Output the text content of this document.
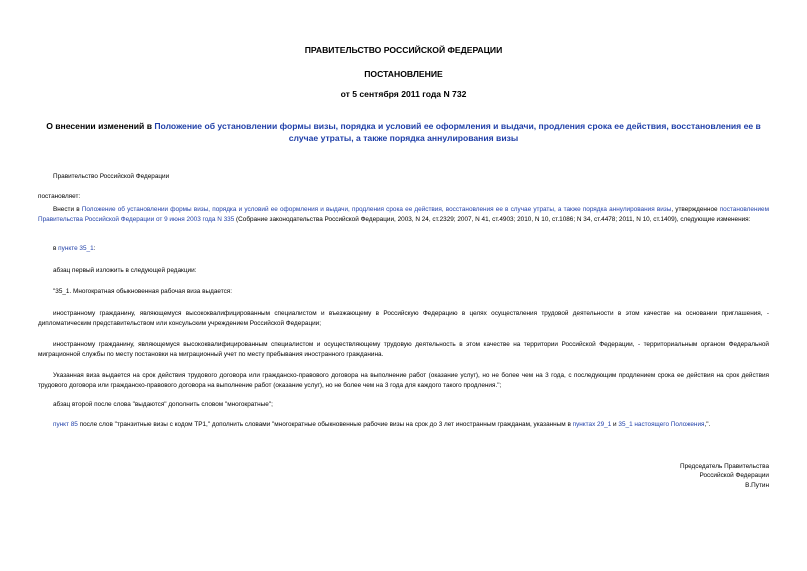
ПРАВИТЕЛЬСТВО РОССИЙСКОЙ ФЕДЕРАЦИИ
ПОСТАНОВЛЕНИЕ
от 5 сентября 2011 года N 732
О внесении изменений в Положение об установлении формы визы, порядка и условий ее оформления и выдачи, продления срока ее действия, восстановления ее в случае утраты, а также порядка аннулирования визы
Правительство Российской Федерации
постановляет:
Внести в Положение об установлении формы визы, порядка и условий ее оформления и выдачи, продления срока ее действия, восстановления ее в случае утраты, а также порядка аннулирования визы, утвержденное постановлением Правительства Российской Федерации от 9 июня 2003 года N 335 (Собрание законодательства Российской Федерации, 2003, N 24, ст.2329; 2007, N 41, ст.4903; 2010, N 10, ст.1086; N 34, ст.4478; 2011, N 10, ст.1409), следующие изменения:
в пункте 35_1:
абзац первый изложить в следующей редакции:
"35_1. Многократная обыкновенная рабочая виза выдается:
иностранному гражданину, являющемуся высококвалифицированным специалистом и въезжающему в Российскую Федерацию в целях осуществления трудовой деятельности в этом качестве на основании приглашения, - дипломатическим представительством или консульским учреждением Российской Федерации;
иностранному гражданину, являющемуся высококвалифицированным специалистом и осуществляющему трудовую деятельность в этом качестве на территории Российской Федерации, - территориальным органом Федеральной миграционной службы по месту постановки на миграционный учет по месту пребывания иностранного гражданина.
Указанная виза выдается на срок действия трудового договора или гражданско-правового договора на выполнение работ (оказание услуг), но не более чем на 3 года, с последующим продлением срока ее действия на срок действия трудового договора или гражданско-правового договора на выполнение работ (оказание услуг), но не более чем на 3 года для каждого такого продления.";
абзац второй после слова "выдаются" дополнить словом "многократные";
пункт 85 после слов "транзитные визы с кодом ТР1," дополнить словами "многократные обыкновенные рабочие визы на срок до 3 лет иностранным гражданам, указанным в пунктах 29_1 и 35_1 настоящего Положения,".
Председатель Правительства
Российской Федерации
В.Путин
